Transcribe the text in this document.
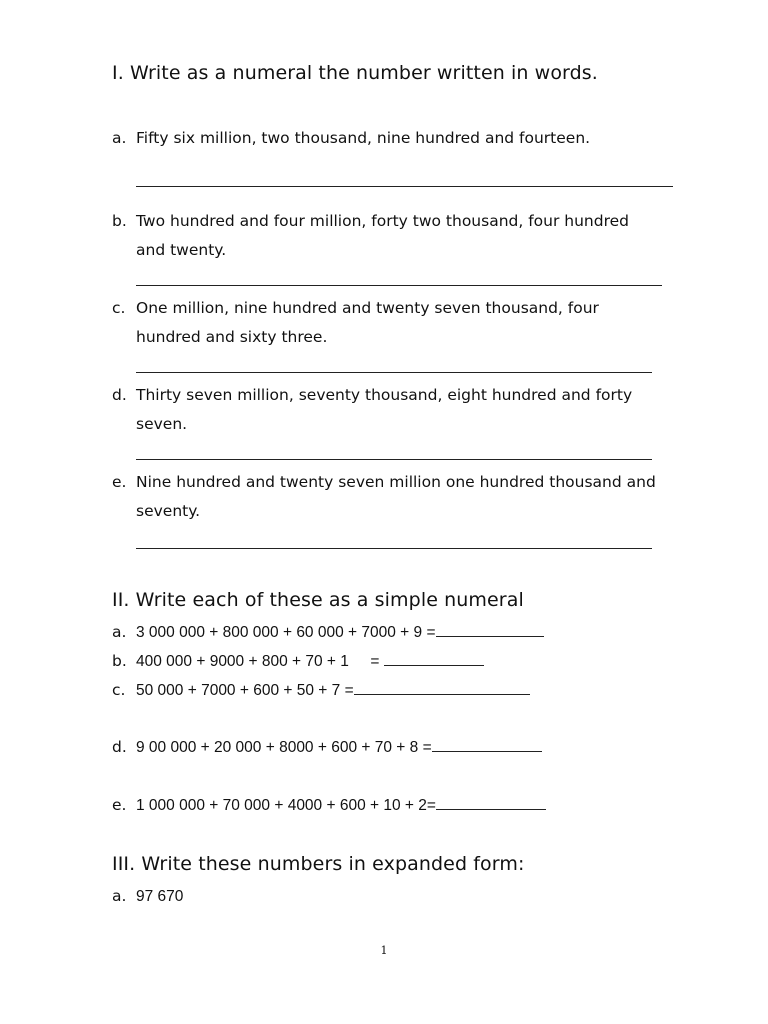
I. Write as a numeral the number written in words.
a. Fifty six million, two thousand, nine hundred and fourteen.
b. Two hundred and four million, forty two thousand, four hundred
and twenty.
c. One million, nine hundred and twenty seven thousand, four
hundred and sixty three.
d. Thirty seven million, seventy thousand, eight hundred and forty
seven.
e. Nine hundred and twenty seven million one hundred thousand and
seventy.
II. Write each of these as a simple numeral
a. 3 000 000 + 800 000 + 60 000 + 7000 + 9 =
b. 400 000 + 9000 + 800 + 70 + 1     =
c. 50 000 + 7000 + 600 + 50 + 7 =
d. 9 00 000 + 20 000 + 8000 + 600 + 70 + 8 =
e. 1 000 000 + 70 000 + 4000 + 600 + 10 + 2=
III. Write these numbers in expanded form:
a. 97 670
1
